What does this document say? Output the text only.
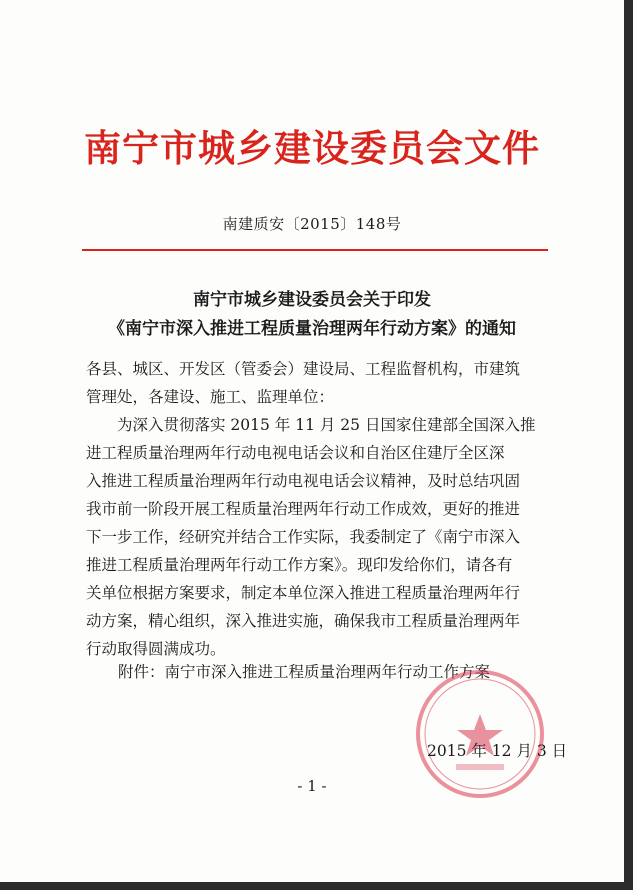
南宁市城乡建设委员会文件
南建质安〔2015〕148号
南宁市城乡建设委员会关于印发
《南宁市深入推进工程质量治理两年行动方案》的通知
各县、城区、开发区（管委会）建设局、工程监督机构，市建筑
管理处，各建设、施工、监理单位：
　　为深入贯彻落实 2015 年 11 月 25 日国家住建部全国深入推
进工程质量治理两年行动电视电话会议和自治区住建厅全区深
入推进工程质量治理两年行动电视电话会议精神，及时总结巩固
我市前一阶段开展工程质量治理两年行动工作成效，更好的推进
下一步工作，经研究并结合工作实际，我委制定了《南宁市深入
推进工程质量治理两年行动工作方案》。现印发给你们，请各有
关单位根据方案要求，制定本单位深入推进工程质量治理两年行
动方案，精心组织，深入推进实施，确保我市工程质量治理两年
行动取得圆满成功。
附件：南宁市深入推进工程质量治理两年行动工作方案
2015 年 12 月 3 日
- 1 -
